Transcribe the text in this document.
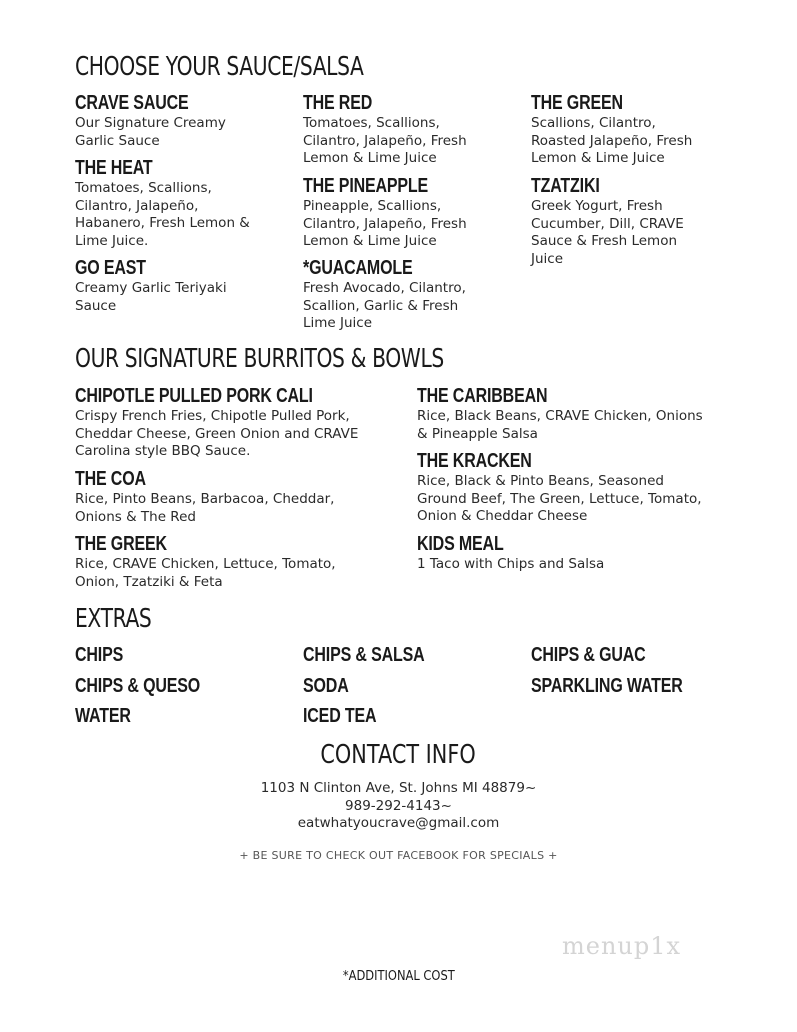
CHOOSE YOUR SAUCE/SALSA
CRAVE SAUCE
Our Signature Creamy
Garlic Sauce
THE HEAT
Tomatoes, Scallions,
Cilantro, Jalapeño,
Habanero, Fresh Lemon &
Lime Juice.
GO EAST
Creamy Garlic Teriyaki
Sauce
THE RED
Tomatoes, Scallions,
Cilantro, Jalapeño, Fresh
Lemon & Lime Juice
THE PINEAPPLE
Pineapple, Scallions,
Cilantro, Jalapeño, Fresh
Lemon & Lime Juice
*GUACAMOLE
Fresh Avocado, Cilantro,
Scallion, Garlic & Fresh
Lime Juice
THE GREEN
Scallions, Cilantro,
Roasted Jalapeño, Fresh
Lemon & Lime Juice
TZATZIKI
Greek Yogurt, Fresh
Cucumber, Dill, CRAVE
Sauce & Fresh Lemon
Juice
OUR SIGNATURE BURRITOS & BOWLS
CHIPOTLE PULLED PORK CALI
Crispy French Fries, Chipotle Pulled Pork,
Cheddar Cheese, Green Onion and CRAVE
Carolina style BBQ Sauce.
THE COA
Rice, Pinto Beans, Barbacoa, Cheddar,
Onions & The Red
THE GREEK
Rice, CRAVE Chicken, Lettuce, Tomato,
Onion, Tzatziki & Feta
THE CARIBBEAN
Rice, Black Beans, CRAVE Chicken, Onions
& Pineapple Salsa
THE KRACKEN
Rice, Black & Pinto Beans, Seasoned
Ground Beef, The Green, Lettuce, Tomato,
Onion & Cheddar Cheese
KIDS MEAL
1 Taco with Chips and Salsa
EXTRAS
CHIPS
CHIPS & QUESO
WATER
CHIPS & SALSA
SODA
ICED TEA
CHIPS & GUAC
SPARKLING WATER
CONTACT INFO
1103 N Clinton Ave, St. Johns MI 48879~
989-292-4143~
eatwhatyoucrave@gmail.com
+ BE SURE TO CHECK OUT FACEBOOK FOR SPECIALS +
menup1x
*ADDITIONAL COST
